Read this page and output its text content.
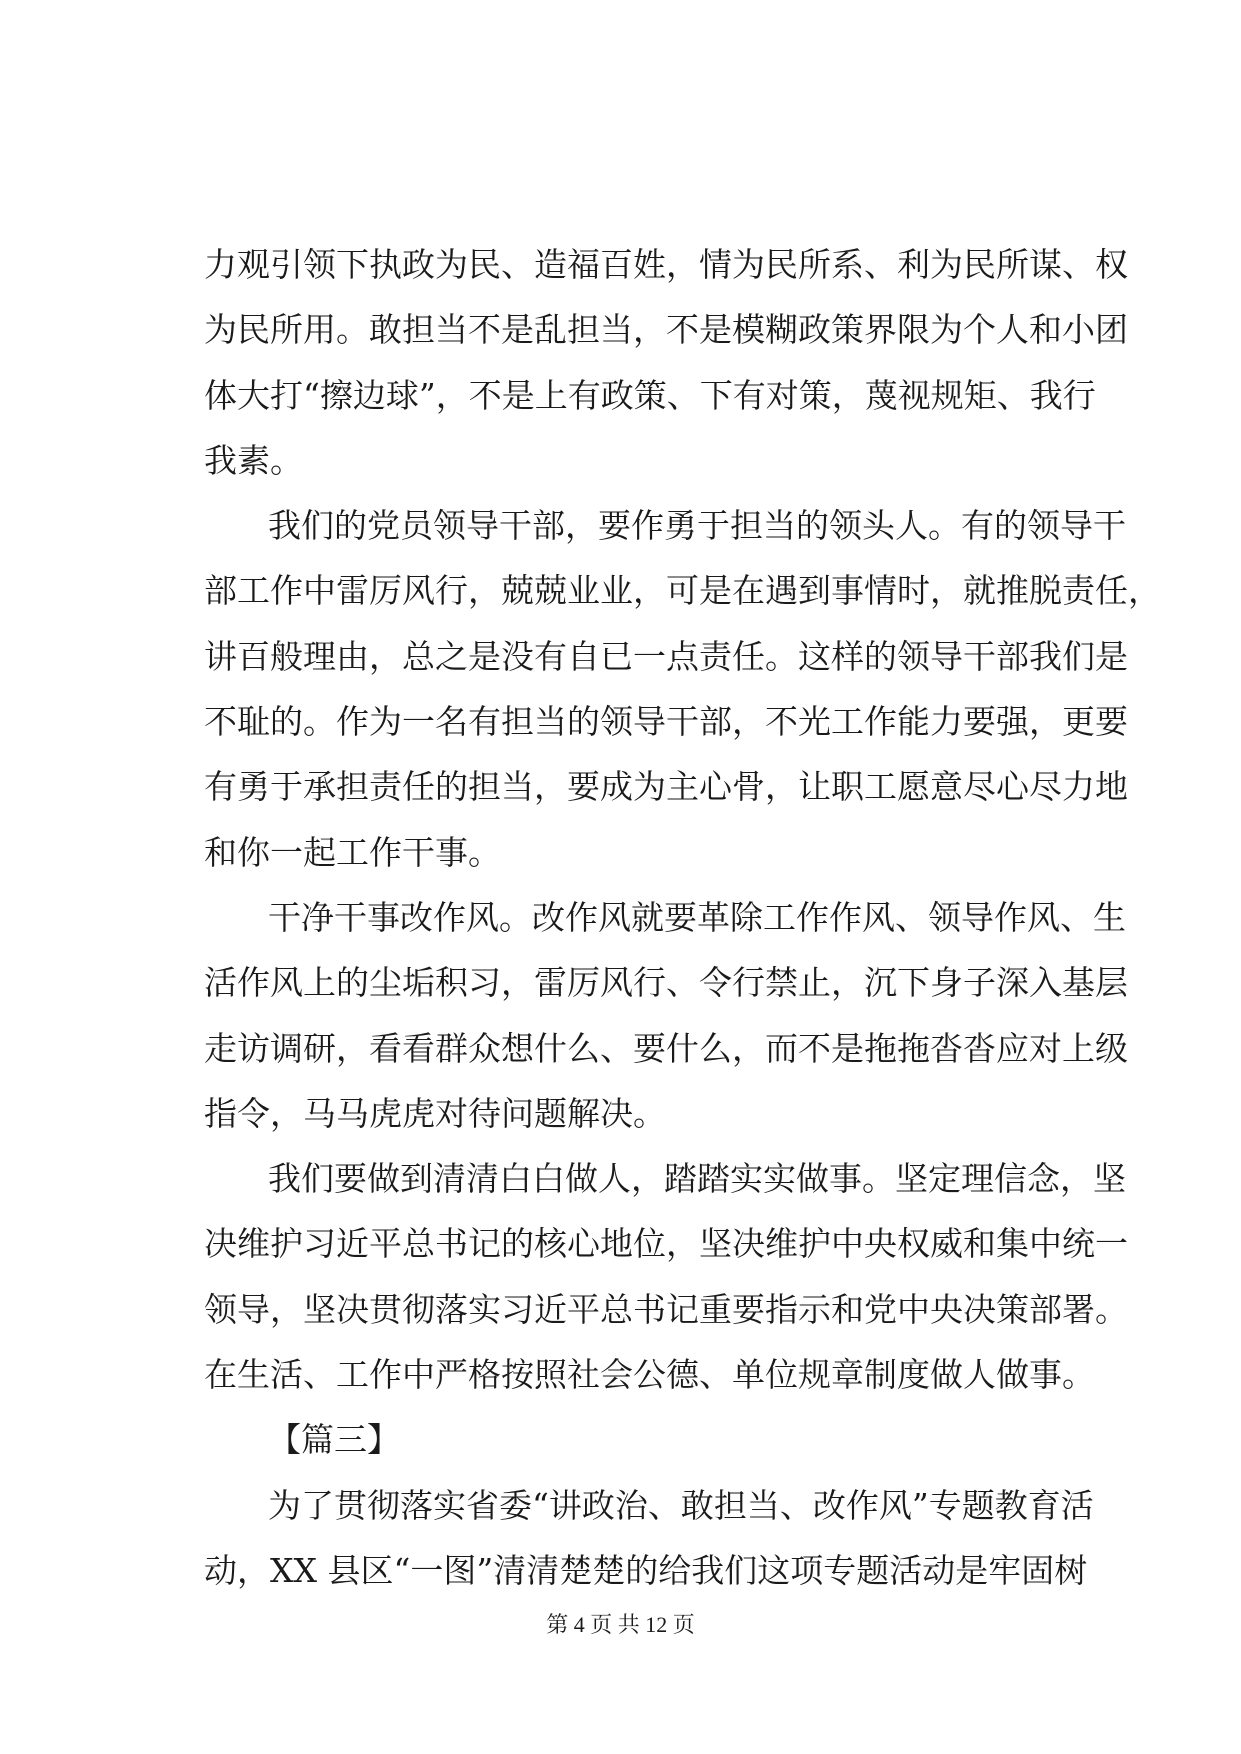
力观引领下执政为民、造福百姓，情为民所系、利为民所谋、权
为民所用。敢担当不是乱担当，不是模糊政策界限为个人和小团
体大打“擦边球”，不是上有政策、下有对策，蔑视规矩、我行
我素。
我们的党员领导干部，要作勇于担当的领头人。有的领导干
部工作中雷厉风行，兢兢业业，可是在遇到事情时，就推脱责任，
讲百般理由，总之是没有自已一点责任。这样的领导干部我们是
不耻的。作为一名有担当的领导干部，不光工作能力要强，更要
有勇于承担责任的担当，要成为主心骨，让职工愿意尽心尽力地
和你一起工作干事。
干净干事改作风。改作风就要革除工作作风、领导作风、生
活作风上的尘垢积习，雷厉风行、令行禁止，沉下身子深入基层
走访调研，看看群众想什么、要什么，而不是拖拖沓沓应对上级
指令，马马虎虎对待问题解决。
我们要做到清清白白做人，踏踏实实做事。坚定理信念，坚
决维护习近平总书记的核心地位，坚决维护中央权威和集中统一
领导，坚决贯彻落实习近平总书记重要指示和党中央决策部署。
在生活、工作中严格按照社会公德、单位规章制度做人做事。
【篇三】
为了贯彻落实省委“讲政治、敢担当、改作风”专题教育活
动，XX 县区“一图”清清楚楚的给我们这项专题活动是牢固树
第 4 页 共 12 页
